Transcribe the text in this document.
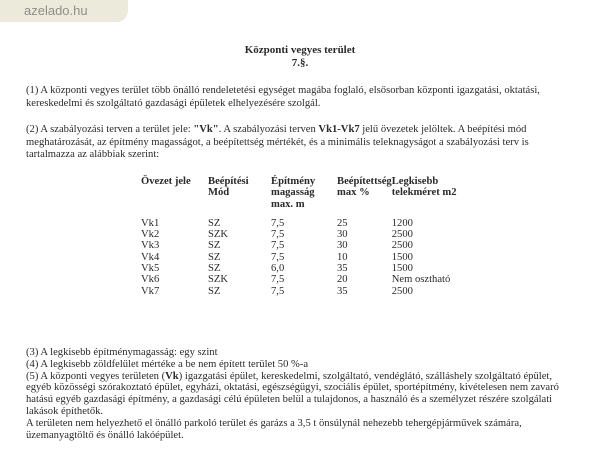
azelado.hu
Központi vegyes terület
7.§.

(1) A központi vegyes terület több önálló rendeletetési egységet magába foglaló, elsősorban központi igazgatási, oktatási, kereskedelmi és szolgáltató gazdasági épületek elhelyezésére szolgál.

(2) A szabályozási terven a terület jele: "Vk". A szabályozási terven Vk1-Vk7 jelű övezetek jelöltek. A beépítési mód meghatározását, az építmény magasságot, a beépítettség mértékét, és a minimális teleknagyságot a szabályozási terv is tartalmazza az alábbiak szerint:

Övezet jele	Beépítési Mód	Építmény magasság max. m	Beépítettség max %	Legkisebb telekméret m2
Vk1	SZ	7,5	25	1200
Vk2	SZK	7,5	30	2500
Vk3	SZ	7,5	30	2500
Vk4	SZ	7,5	10	1500
Vk5	SZ	6,0	35	1500
Vk6	SZK	7,5	20	Nem osztható
Vk7	SZ	7,5	35	2500

(3) A legkisebb építménymagasság: egy szint

(4) A legkisebb zöldfelület mértéke a be nem épített terület 50 %-a

(5) A központi vegyes területen (Vk) igazgatási épület, kereskedelmi, szolgáltató, vendéglátó, szálláshely szolgáltató épület, egyéb közösségi szórakoztató épület, egyházi, oktatási, egészségügyi, szociális épület, sportépítmény, kivételesen nem zavaró hatású egyéb gazdasági építmény, a gazdasági célú épületen belül a tulajdonos, a használó és a személyzet részére szolgálati lakások építhetők.

A területen nem helyezhető el önálló parkoló terület és garázs a 3,5 t önsúlynál nehezebb tehergépjárművek számára, üzemanyagtöltő és önálló lakóépület.
